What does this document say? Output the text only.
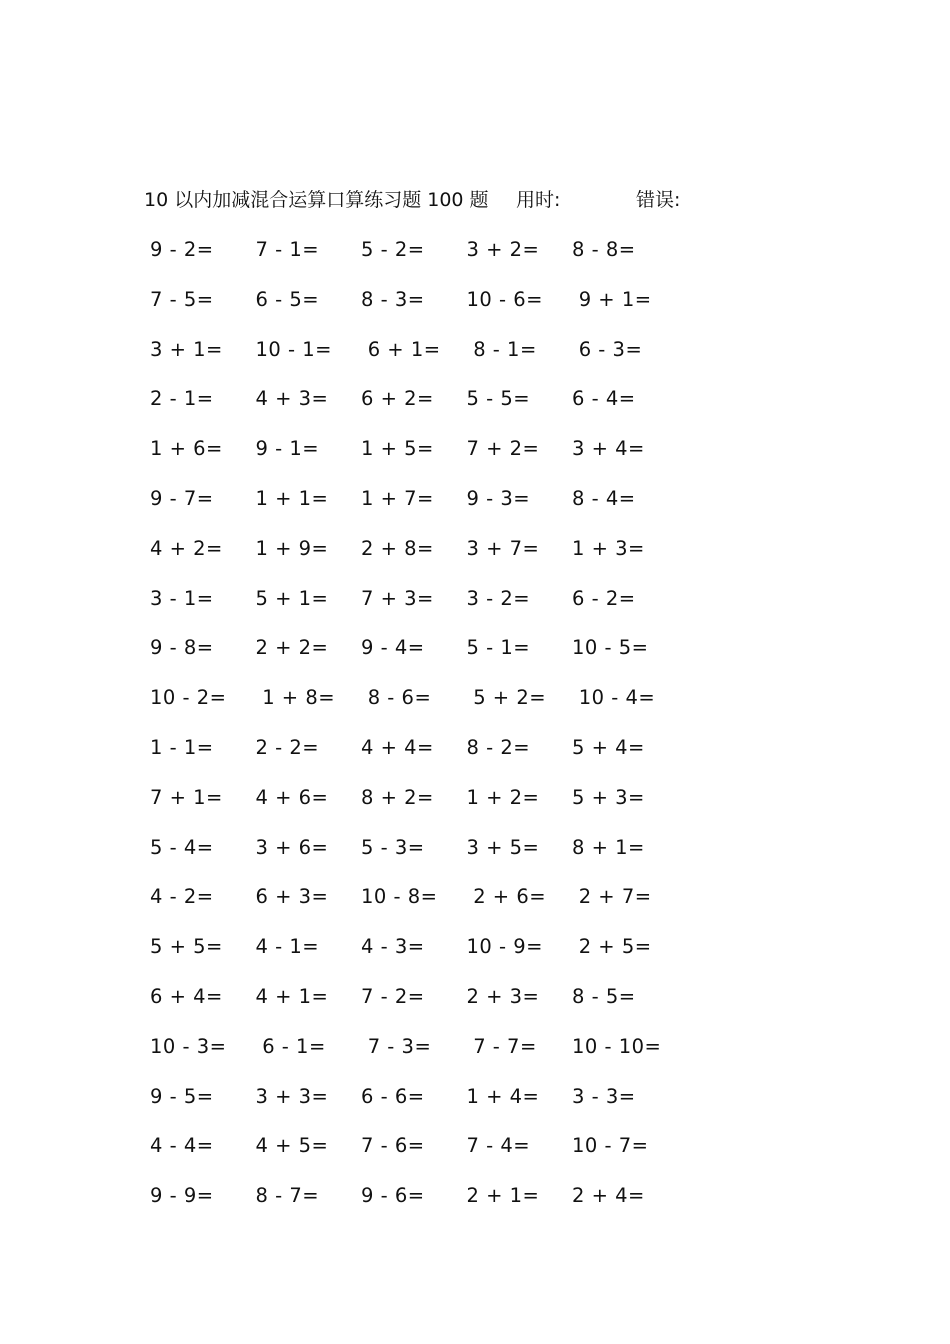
10 以内加减混合运算口算练习题 100 题 用时:	错误:
9 - 2=	7 - 1=	5 - 2=	3 + 2=	8 - 8=
7 - 5=	6 - 5=	8 - 3=	10 - 6=	9 + 1=
3 + 1=	10 - 1=	6 + 1=	8 - 1=	6 - 3=
2 - 1=	4 + 3=	6 + 2=	5 - 5=	6 - 4=
1 + 6=	9 - 1=	1 + 5=	7 + 2=	3 + 4=
9 - 7=	1 + 1=	1 + 7=	9 - 3=	8 - 4=
4 + 2=	1 + 9=	2 + 8=	3 + 7=	1 + 3=
3 - 1=	5 + 1=	7 + 3=	3 - 2=	6 - 2=
9 - 8=	2 + 2=	9 - 4=	5 - 1=	10 - 5=
10 - 2=	1 + 8=	8 - 6=	5 + 2=	10 - 4=
1 - 1=	2 - 2=	4 + 4=	8 - 2=	5 + 4=
7 + 1=	4 + 6=	8 + 2=	1 + 2=	5 + 3=
5 - 4=	3 + 6=	5 - 3=	3 + 5=	8 + 1=
4 - 2=	6 + 3=	10 - 8=	2 + 6=	2 + 7=
5 + 5=	4 - 1=	4 - 3=	10 - 9=	2 + 5=
6 + 4=	4 + 1=	7 - 2=	2 + 3=	8 - 5=
10 - 3=	6 - 1=	7 - 3=	7 - 7=	10 - 10=
9 - 5=	3 + 3=	6 - 6=	1 + 4=	3 - 3=
4 - 4=	4 + 5=	7 - 6=	7 - 4=	10 - 7=
9 - 9=	8 - 7=	9 - 6=	2 + 1=	2 + 4=
